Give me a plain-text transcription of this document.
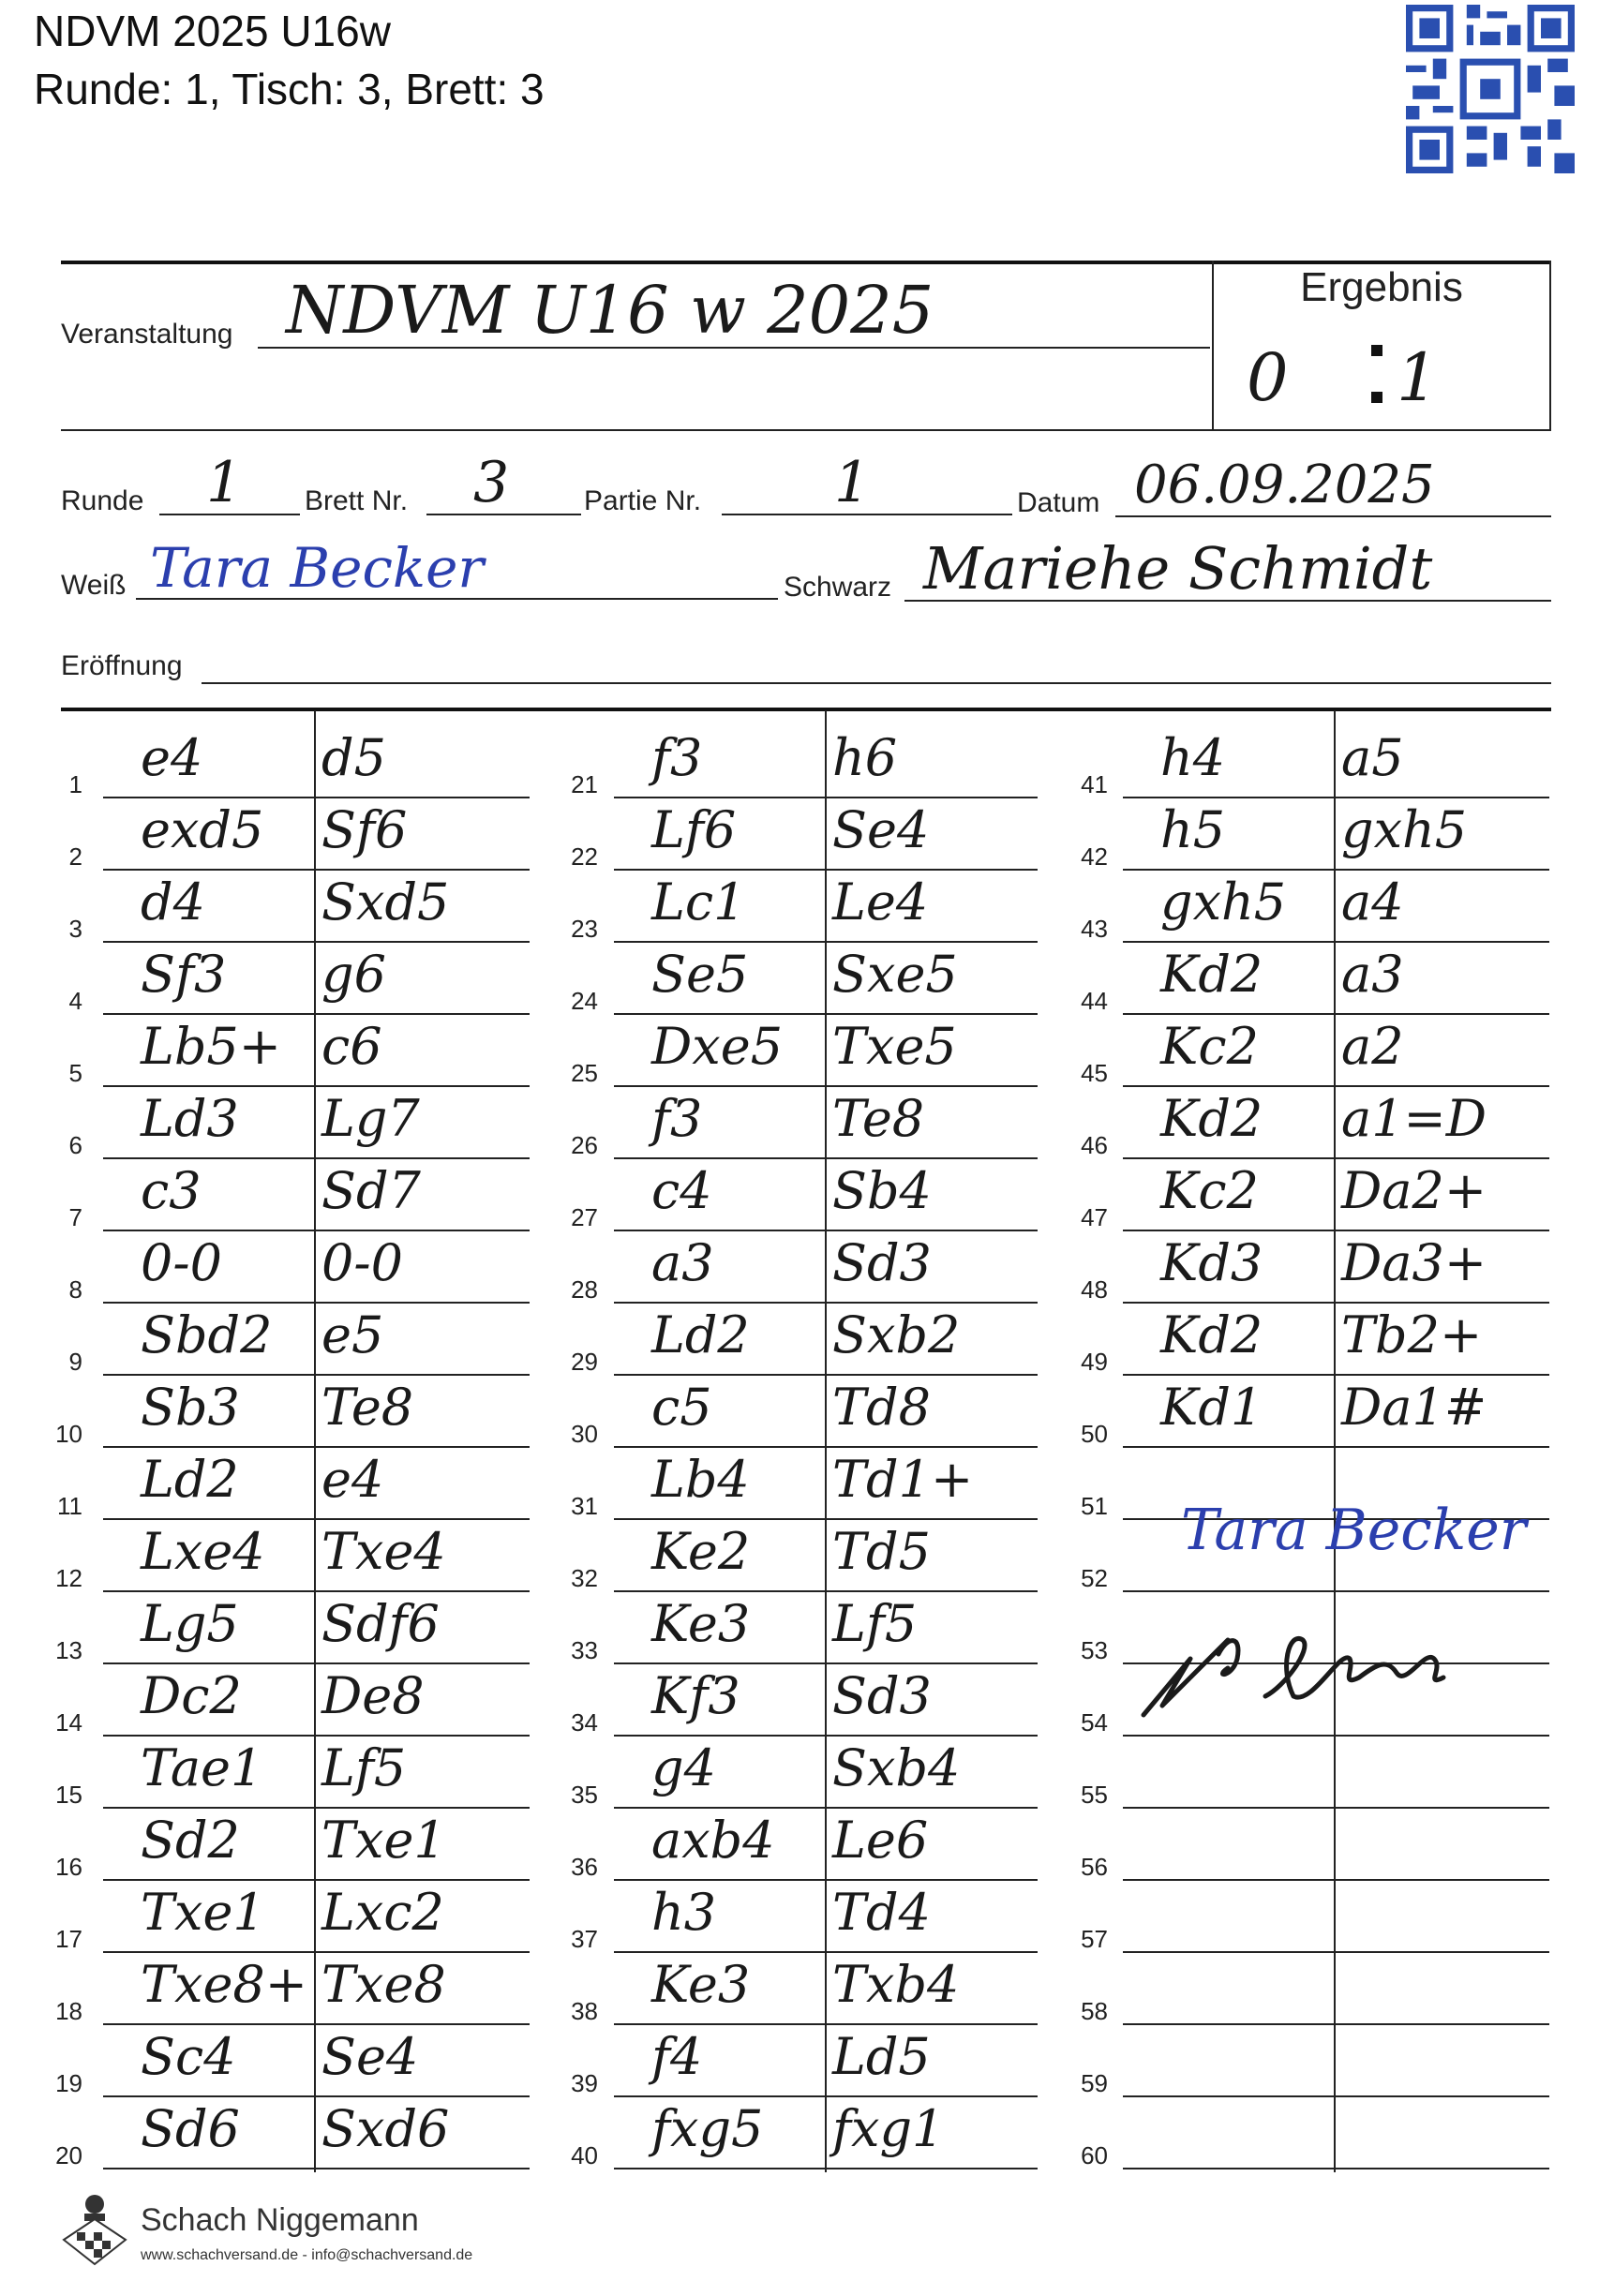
NDVM 2025 U16w
Runde: 1, Tisch: 3, Brett: 3
Veranstaltung NDVM U16 w 2025	Ergebnis
0 1
Runde 1 Brett Nr. 3	Partie Nr. 1	Datum 06.09.2025
Weiß Tara Becker	Schwarz Mariehe Schmidt
Eröffnung
1 e4 d5
2 exd5 Sf6
3 d4 Sxd5
4 Sf3 g6
5 Lb5+ c6
6 Ld3 Lg7
7 c3 Sd7
8 0-0 0-0
9 Sbd2 e5
10 Sb3 Te8
11 Ld2 e4
12 Lxe4 Txe4
13 Lg5 Sdf6
14 Dc2 De8
15 Tae1 Lf5
16 Sd2 Txe1
17 Txe1 Lxc2
18 Txe8+ Txe8
19 Sc4 Se4
20 Sd6 Sxd6
21 f3	h6
22 Lf6 Se4
23 Lc1 Le4
24 Se5 Sxe5
25 Dxe5 Txe5
26 f3	Te8
27 c4 Sb4
28 a3 Sd3
29 Ld2 Sxb2
30 c5 Td8
31 Lb4 Td1+
32 Ke2 Td5
33 Ke3 Lf5
34 Kf3 Sd3
35 g4 Sxb4
36 axb4 Le6
37 h3 Td4
38 Ke3 Txb4
39 f4	Ld5
40 fxg5 fxg1
41 h4 a5
42 h5 gxh5
43 gxh5 a4
44 Kd2 a3
45 Kc2 a2
46 Kd2 a1=D
47 Kc2 Da2+
48 Kd3 Da3+
49 Kd2 Tb2+
50 Kd1 Da1#
51
52
53
54
55
56
57
58
59
60
Tara Becker
Schach Niggemann
www.schachversand.de - info@schachversand.de
